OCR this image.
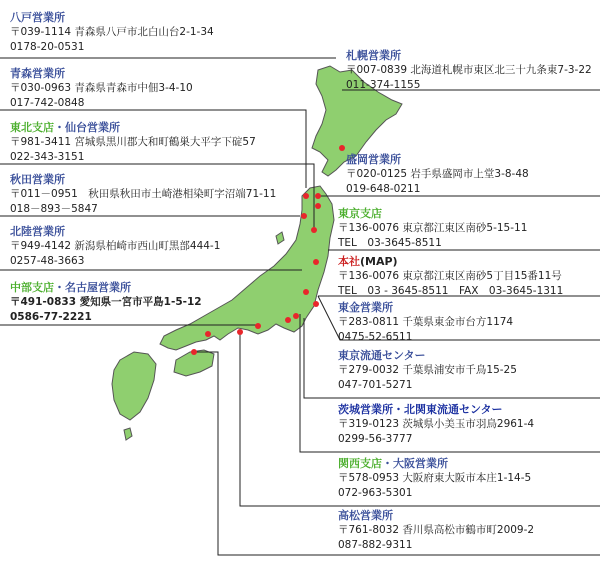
八戸営業所
〒039-1114 青森県八戸市北白山台2-1-34
0178-20-0531
青森営業所
〒030-0963 青森県青森市中佃3-4-10
017-742-0848
東北支店・仙台営業所
〒981-3411 宮城県黒川郡大和町鶴巣大平字下碇57
022-343-3151
秋田営業所
〒011－0951　秋田県秋田市土崎港相染町字沼端71-11
018－893－5847
北陸営業所
〒949-4142 新潟県柏崎市西山町黒部444-1
0257-48-3663
中部支店・名古屋営業所
〒491-0833 愛知県一宮市平島1-5-12
0586-77-2221
札幌営業所
〒007-0839 北海道札幌市東区北三十九条東7-3-22
011-374-1155
盛岡営業所
〒020-0125 岩手県盛岡市上堂3-8-48
019-648-0211
東京支店
〒136-0076 東京都江東区南砂5-15-11
TEL　03-3645-8511
本社(MAP)
〒136-0076 東京都江東区南砂5丁目15番11号
TEL　03 - 3645-8511　FAX　03-3645-1311
東金営業所
〒283-0811 千葉県東金市台方1174
0475-52-6511
東京流通センター
〒279-0032 千葉県浦安市千鳥15-25
047-701-5271
茨城営業所・北関東流通センター
〒319-0123 茨城県小美玉市羽鳥2961-4
0299-56-3777
関西支店・大阪営業所
〒578-0953 大阪府東大阪市本庄1-14-5
072-963-5301
高松営業所
〒761-8032 香川県高松市鶴市町2009-2
087-882-9311
